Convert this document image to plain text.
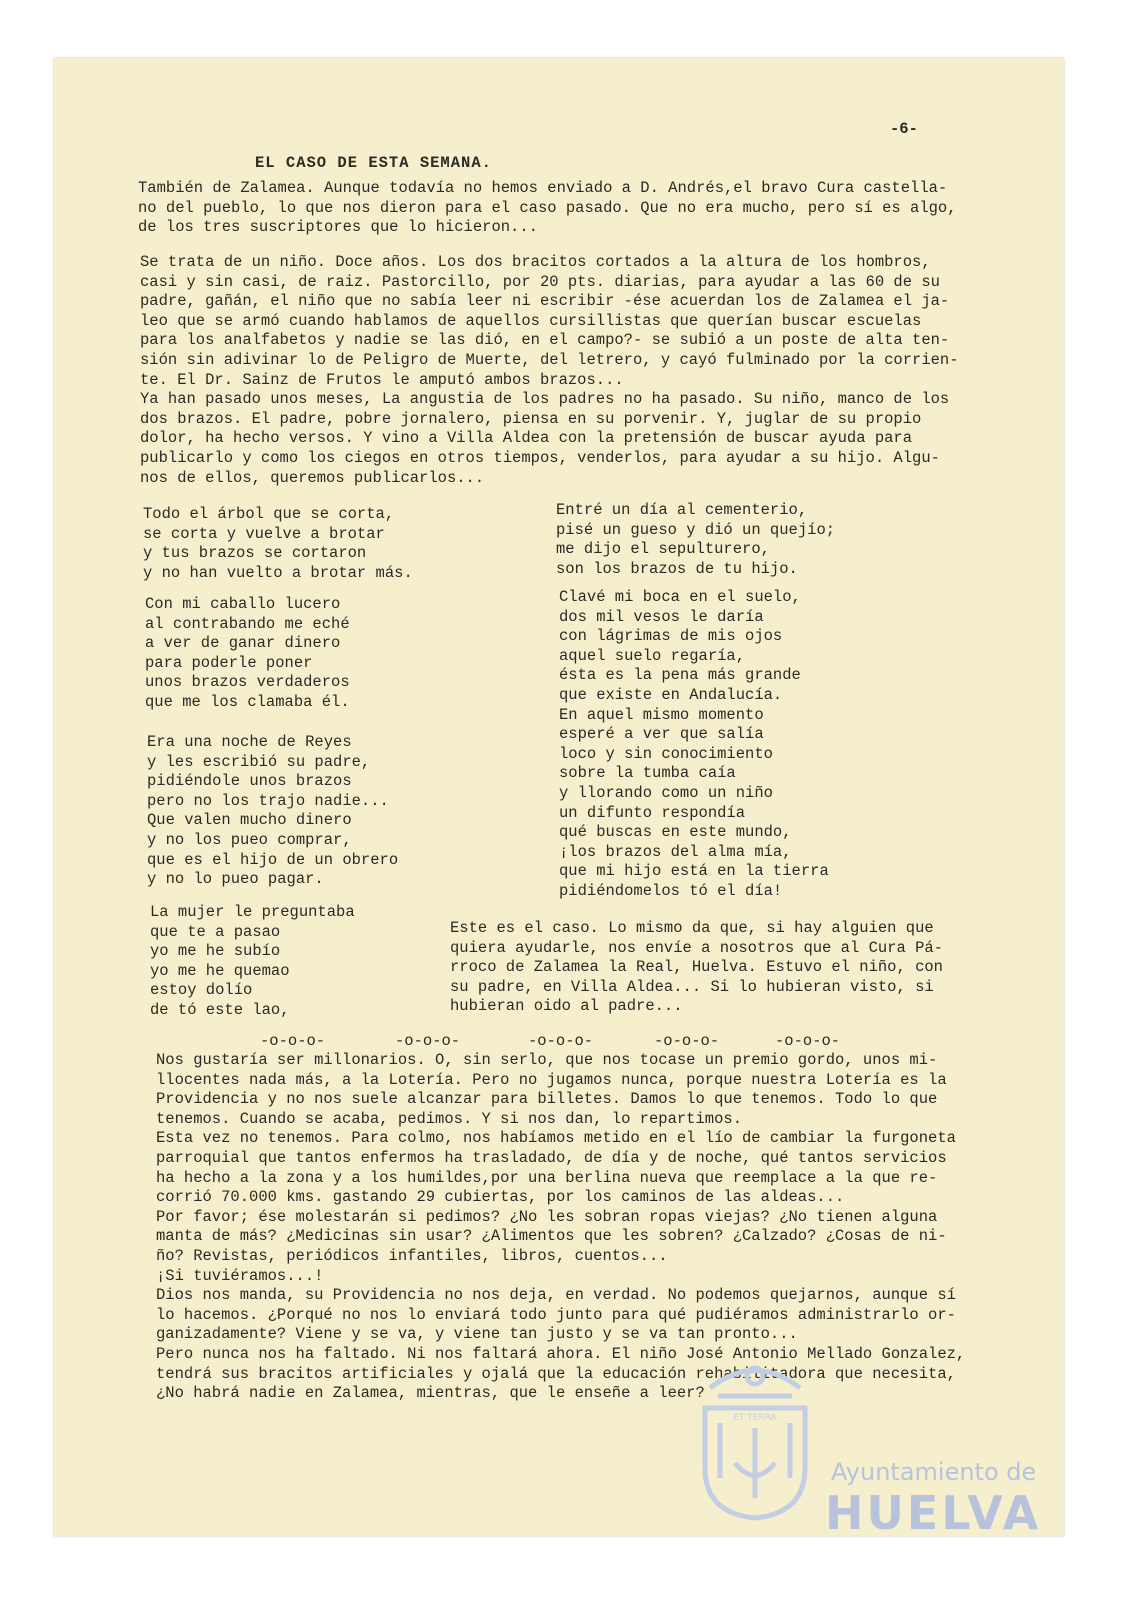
-6-
EL CASO DE ESTA SEMANA.
También de Zalamea. Aunque todavía no hemos enviado a D. Andrés,el bravo Cura castella-
no del pueblo, lo que nos dieron para el caso pasado. Que no era mucho, pero sí es algo,
de los tres suscriptores que lo hicieron...
Se trata de un niño. Doce años. Los dos bracitos cortados a la altura de los hombros,
casi y sin casi, de raiz. Pastorcillo, por 20 pts. diarias, para ayudar a las 60 de su
padre, gañán, el niño que no sabía leer ni escribir -ése acuerdan los de Zalamea el ja-
leo que se armó cuando hablamos de aquellos cursillistas que querían buscar escuelas
para los analfabetos y nadie se las dió, en el campo?- se subió a un poste de alta ten-
sión sin adivinar lo de Peligro de Muerte, del letrero, y cayó fulminado por la corrien-
te. El Dr. Sainz de Frutos le amputó ambos brazos...
Ya han pasado unos meses, La angustia de los padres no ha pasado. Su niño, manco de los
dos brazos. El padre, pobre jornalero, piensa en su porvenir. Y, juglar de su propio
dolor, ha hecho versos. Y vino a Villa Aldea con la pretensión de buscar ayuda para
publicarlo y como los ciegos en otros tiempos, venderlos, para ayudar a su hijo. Algu-
nos de ellos, queremos publicarlos...
Todo el árbol que se corta,
se corta y vuelve a brotar
y tus brazos se cortaron
y no han vuelto a brotar más.
Con mi caballo lucero
al contrabando me eché
a ver de ganar dinero
para poderle poner
unos brazos verdaderos
que me los clamaba él.
Era una noche de Reyes
y les escribió su padre,
pidiéndole unos brazos
pero no los trajo nadie...
Que valen mucho dinero
y no los pueo comprar,
que es el hijo de un obrero
y no lo pueo pagar.
La mujer le preguntaba
que te a pasao
yo me he subío
yo me he quemao
estoy dolío
de tó este lao,
Entré un día al cementerio,
pisé un gueso y dió un quejío;
me dijo el sepulturero,
son los brazos de tu hijo.
Clavé mi boca en el suelo,
dos mil vesos le daría
con lágrimas de mis ojos
aquel suelo regaría,
ésta es la pena más grande
que existe en Andalucía.
En aquel mismo momento
esperé a ver que salía
loco y sin conocimiento
sobre la tumba caía
y llorando como un niño
un difunto respondía
qué buscas en este mundo,
¡los brazos del alma mía,
que mi hijo está en la tierra
pidiéndomelos tó el día!
Este es el caso. Lo mismo da que, si hay alguien que
quiera ayudarle, nos envíe a nosotros que al Cura Pá-
rroco de Zalamea la Real, Huelva. Estuvo el niño, con
su padre, en Villa Aldea... Si lo hubieran visto, si
hubieran oido al padre...
-o-o-o-	-o-o-o-	-o-o-o-	-o-o-o-	-o-o-o-
Nos gustaría ser millonarios. O, sin serlo, que nos tocase un premio gordo, unos mi-
llocentes nada más, a la Lotería. Pero no jugamos nunca, porque nuestra Lotería es la
Providencia y no nos suele alcanzar para billetes. Damos lo que tenemos. Todo lo que
tenemos. Cuando se acaba, pedimos. Y si nos dan, lo repartimos.
Esta vez no tenemos. Para colmo, nos habíamos metido en el lío de cambiar la furgoneta
parroquial que tantos enfermos ha trasladado, de día y de noche, qué tantos servicios
ha hecho a la zona y a los humildes,por una berlina nueva que reemplace a la que re-
corrió 70.000 kms. gastando 29 cubiertas, por los caminos de las aldeas...
Por favor; ése molestarán si pedimos? ¿No les sobran ropas viejas? ¿No tienen alguna
manta de más? ¿Medicinas sin usar? ¿Alimentos que les sobren? ¿Calzado? ¿Cosas de ni-
ño? Revistas, periódicos infantiles, libros, cuentos...
¡Si tuviéramos...!
Dios nos manda, su Providencia no nos deja, en verdad. No podemos quejarnos, aunque sí
lo hacemos. ¿Porqué no nos lo enviará todo junto para qué pudiéramos administrarlo or-
ganizadamente? Viene y se va, y viene tan justo y se va tan pronto...
Pero nunca nos ha faltado. Ni nos faltará ahora. El niño José Antonio Mellado Gonzalez,
tendrá sus bracitos artificiales y ojalá que la educación rehabilitadora que necesita,
¿No habrá nadie en Zalamea, mientras, que le enseñe a leer?
ET TERRA
Ayuntamiento de
HUELVA
